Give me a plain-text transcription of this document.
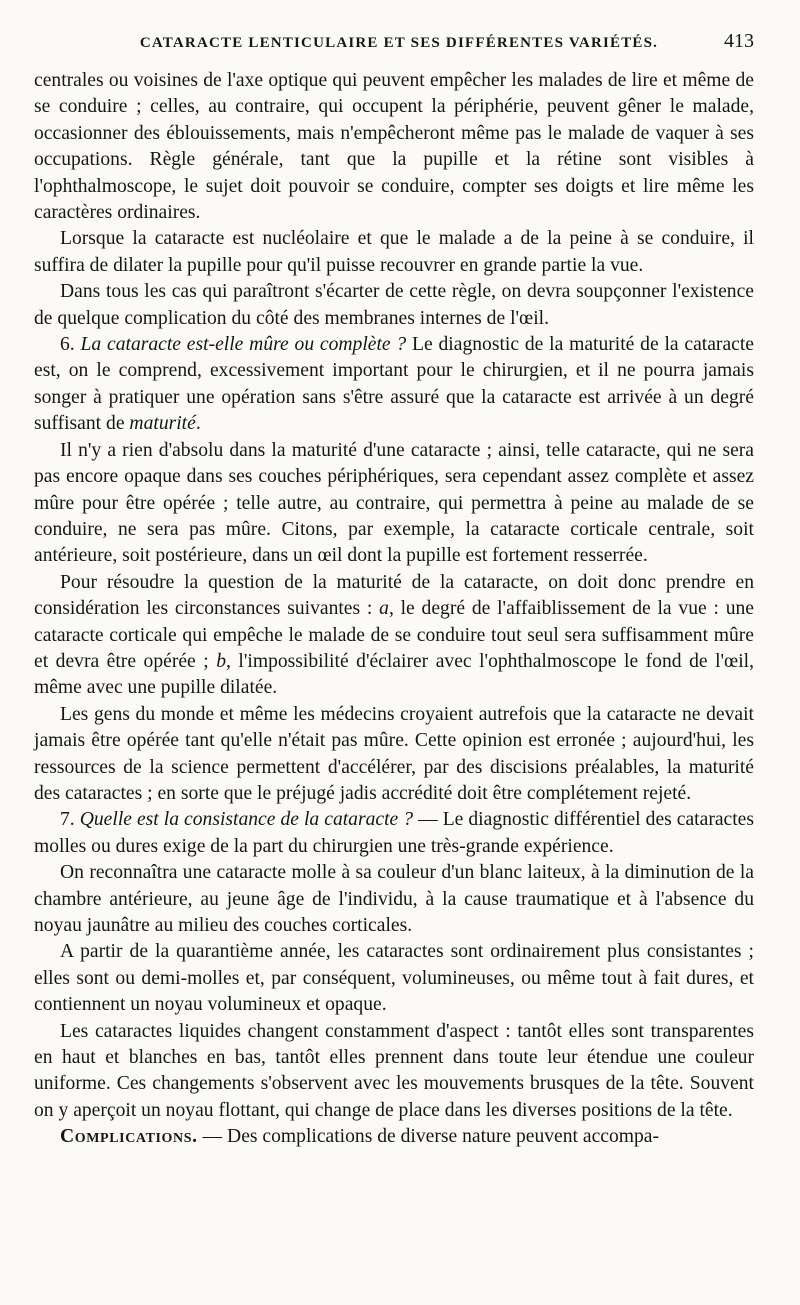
CATARACTE LENTICULAIRE ET SES DIFFÉRENTES VARIÉTÉS.	413

centrales ou voisines de l'axe optique qui peuvent empêcher les malades de lire et même de se conduire ; celles, au contraire, qui occupent la périphérie, peuvent gêner le malade, occasionner des éblouissements, mais n'empêcheront même pas le malade de vaquer à ses occupations. Règle générale, tant que la pupille et la rétine sont visibles à l'ophthalmoscope, le sujet doit pouvoir se conduire, compter ses doigts et lire même les caractères ordinaires.

Lorsque la cataracte est nucléolaire et que le malade a de la peine à se conduire, il suffira de dilater la pupille pour qu'il puisse recouvrer en grande partie la vue.

Dans tous les cas qui paraîtront s'écarter de cette règle, on devra soupçonner l'existence de quelque complication du côté des membranes internes de l'œil.

6. La cataracte est-elle mûre ou complète ? Le diagnostic de la maturité de la cataracte est, on le comprend, excessivement important pour le chirurgien, et il ne pourra jamais songer à pratiquer une opération sans s'être assuré que la cataracte est arrivée à un degré suffisant de maturité.

Il n'y a rien d'absolu dans la maturité d'une cataracte ; ainsi, telle cataracte, qui ne sera pas encore opaque dans ses couches périphériques, sera cependant assez complète et assez mûre pour être opérée ; telle autre, au contraire, qui permettra à peine au malade de se conduire, ne sera pas mûre. Citons, par exemple, la cataracte corticale centrale, soit antérieure, soit postérieure, dans un œil dont la pupille est fortement resserrée.

Pour résoudre la question de la maturité de la cataracte, on doit donc prendre en considération les circonstances suivantes : a, le degré de l'affaiblissement de la vue : une cataracte corticale qui empêche le malade de se conduire tout seul sera suffisamment mûre et devra être opérée ; b, l'impossibilité d'éclairer avec l'ophthalmoscope le fond de l'œil, même avec une pupille dilatée.

Les gens du monde et même les médecins croyaient autrefois que la cataracte ne devait jamais être opérée tant qu'elle n'était pas mûre. Cette opinion est erronée ; aujourd'hui, les ressources de la science permettent d'accélérer, par des discisions préalables, la maturité des cataractes ; en sorte que le préjugé jadis accrédité doit être complétement rejeté.

7. Quelle est la consistance de la cataracte ? — Le diagnostic différentiel des cataractes molles ou dures exige de la part du chirurgien une très-grande expérience.

On reconnaîtra une cataracte molle à sa couleur d'un blanc laiteux, à la diminution de la chambre antérieure, au jeune âge de l'individu, à la cause traumatique et à l'absence du noyau jaunâtre au milieu des couches corticales.

A partir de la quarantième année, les cataractes sont ordinairement plus consistantes ; elles sont ou demi-molles et, par conséquent, volumineuses, ou même tout à fait dures, et contiennent un noyau volumineux et opaque.

Les cataractes liquides changent constamment d'aspect : tantôt elles sont transparentes en haut et blanches en bas, tantôt elles prennent dans toute leur étendue une couleur uniforme. Ces changements s'observent avec les mouvements brusques de la tête. Souvent on y aperçoit un noyau flottant, qui change de place dans les diverses positions de la tête.

Complications. — Des complications de diverse nature peuvent accompa-
